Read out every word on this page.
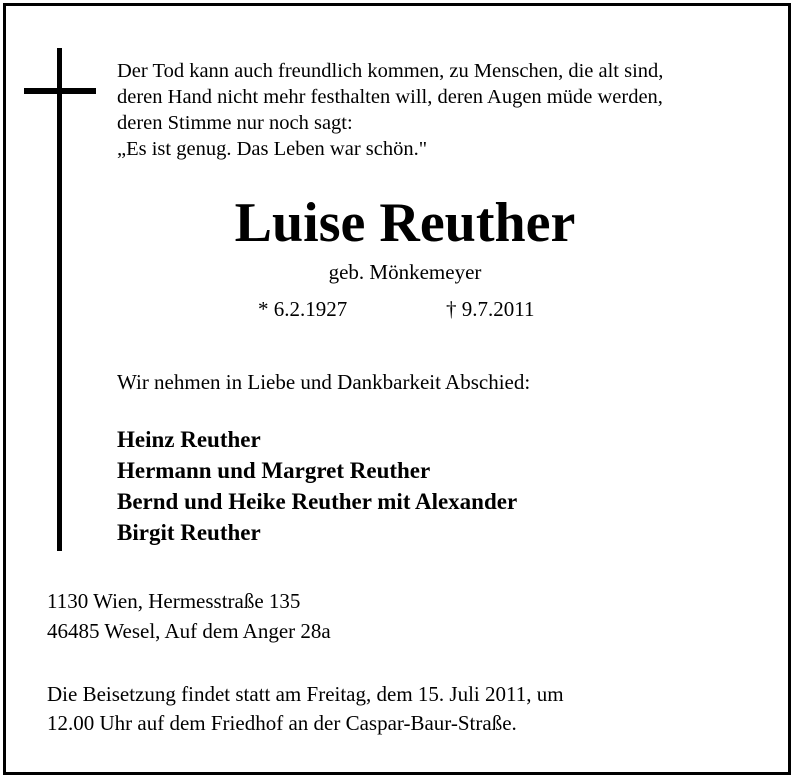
Der Tod kann auch freundlich kommen, zu Menschen, die alt sind,
deren Hand nicht mehr festhalten will, deren Augen müde werden,
deren Stimme nur noch sagt:
„Es ist genug. Das Leben war schön."
Luise Reuther
geb. Mönkemeyer
* 6.2.1927	† 9.7.2011
Wir nehmen in Liebe und Dankbarkeit Abschied:
Heinz Reuther
Hermann und Margret Reuther
Bernd und Heike Reuther mit Alexander
Birgit Reuther
1130 Wien, Hermesstraße 135
46485 Wesel, Auf dem Anger 28a
Die Beisetzung findet statt am Freitag, dem 15. Juli 2011, um
12.00 Uhr auf dem Friedhof an der Caspar-Baur-Straße.
